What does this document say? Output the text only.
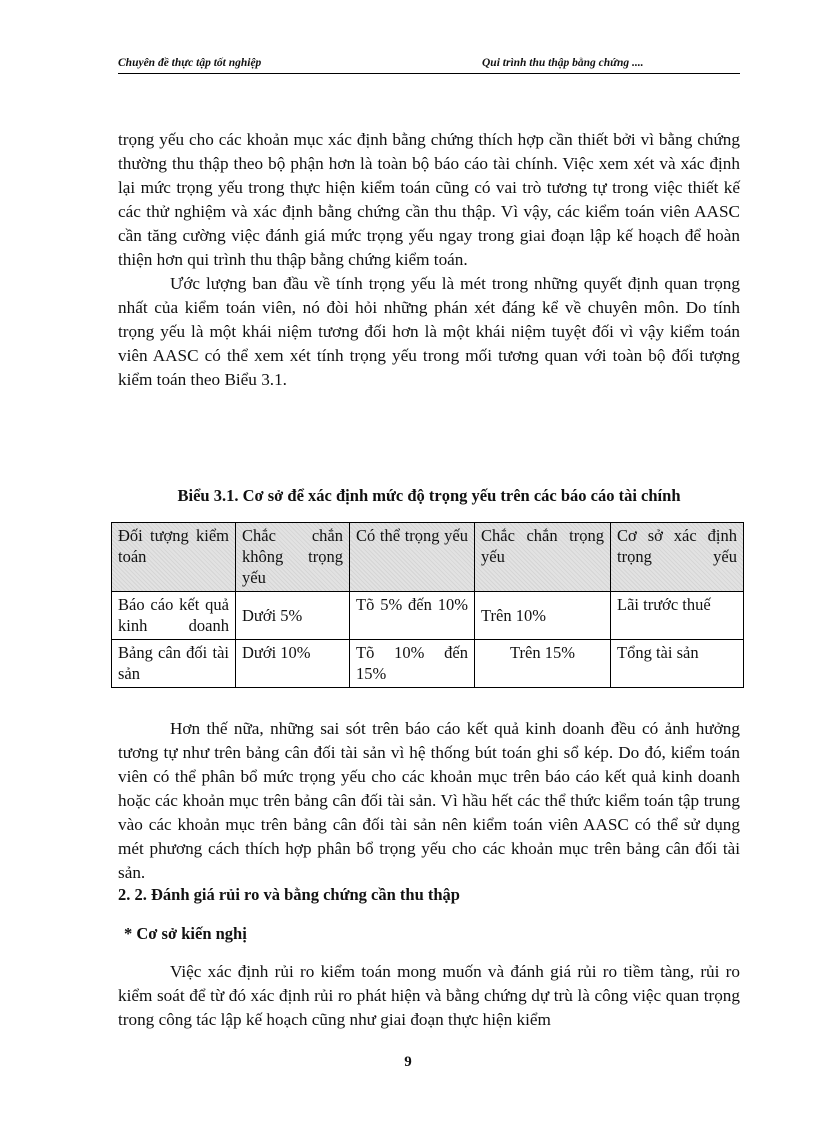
Chuyên đề thực tập tốt nghiệp	Qui trình thu thập bằng chứng ....

trọng yếu cho các khoản mục xác định bằng chứng thích hợp cần thiết bởi vì bằng chứng thường thu thập theo bộ phận hơn là toàn bộ báo cáo tài chính. Việc xem xét và xác định lại mức trọng yếu trong thực hiện kiểm toán cũng có vai trò tương tự trong việc thiết kế các thử nghiệm và xác định bằng chứng cần thu thập. Vì vậy, các kiểm toán viên AASC cần tăng cường việc đánh giá mức trọng yếu ngay trong giai đoạn lập kế hoạch để hoàn thiện hơn qui trình thu thập bằng chứng kiểm toán.

Ước lượng ban đầu về tính trọng yếu là mét trong những quyết định quan trọng nhất của kiểm toán viên, nó đòi hỏi những phán xét đáng kể về chuyên môn. Do tính trọng yếu là một khái niệm tương đối hơn là một khái niệm tuyệt đối vì vậy kiểm toán viên AASC có thể xem xét tính trọng yếu trong mối tương quan với toàn bộ đối tượng kiểm toán theo Biểu 3.1.

Biểu 3.1. Cơ sở để xác định mức độ trọng yếu trên các báo cáo tài chính
Đối tượng kiểm toán	Chắc chắn không trọng yếu	Có thể trọng yếu	Chắc chắn trọng yếu	Cơ sở xác định trọng yếu
Báo cáo kết quả kinh doanh	Dưới 5%	Tõ 5% đến 10%	Trên 10%	Lãi trước thuế
Bảng cân đối tài sản	Dưới 10%	Tõ 10% đến 15%	Trên 15%	Tổng tài sản

Hơn thế nữa, những sai sót trên báo cáo kết quả kinh doanh đều có ảnh hưởng tương tự như trên bảng cân đối tài sản vì hệ thống bút toán ghi sổ kép. Do đó, kiểm toán viên có thể phân bổ mức trọng yếu cho các khoản mục trên báo cáo kết quả kinh doanh hoặc các khoản mục trên bảng cân đối tài sản. Vì hầu hết các thể thức kiểm toán tập trung vào các khoản mục trên bảng cân đối tài sản nên kiểm toán viên AASC có thể sử dụng mét phương cách thích hợp phân bổ trọng yếu cho các khoản mục trên bảng cân đối tài sản.

2. 2. Đánh giá rủi ro và bằng chứng cần thu thập
* Cơ sở kiến nghị

Việc xác định rủi ro kiểm toán mong muốn và đánh giá rủi ro tiềm tàng, rủi ro kiểm soát để từ đó xác định rủi ro phát hiện và bằng chứng dự trù là công việc quan trọng trong công tác lập kế hoạch cũng như giai đoạn thực hiện kiểm

9
